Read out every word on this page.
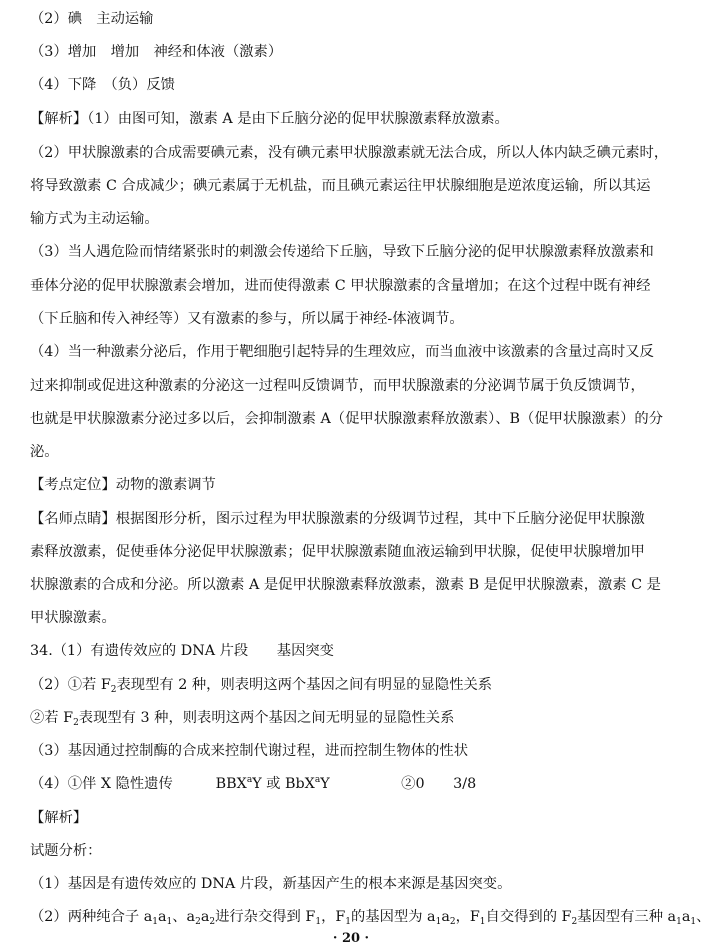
（2）碘　主动运输
（3）增加　增加　神经和体液（激素）
（4）下降　（负）反馈
【解析】（1）由图可知，激素 A 是由下丘脑分泌的促甲状腺激素释放激素。
（2）甲状腺激素的合成需要碘元素，没有碘元素甲状腺激素就无法合成，所以人体内缺乏碘元素时，
将导致激素 C 合成减少；碘元素属于无机盐，而且碘元素运往甲状腺细胞是逆浓度运输，所以其运
输方式为主动运输。
（3）当人遇危险而情绪紧张时的刺激会传递给下丘脑，导致下丘脑分泌的促甲状腺激素释放激素和
垂体分泌的促甲状腺激素会增加，进而使得激素 C 甲状腺激素的含量增加；在这个过程中既有神经
（下丘脑和传入神经等）又有激素的参与，所以属于神经-体液调节。
（4）当一种激素分泌后，作用于靶细胞引起特异的生理效应，而当血液中该激素的含量过高时又反
过来抑制或促进这种激素的分泌这一过程叫反馈调节，而甲状腺激素的分泌调节属于负反馈调节，
也就是甲状腺激素分泌过多以后，会抑制激素 A（促甲状腺激素释放激素）、B（促甲状腺激素）的分
泌。
【考点定位】动物的激素调节
【名师点睛】根据图形分析，图示过程为甲状腺激素的分级调节过程，其中下丘脑分泌促甲状腺激
素释放激素，促使垂体分泌促甲状腺激素；促甲状腺激素随血液运输到甲状腺，促使甲状腺增加甲
状腺激素的合成和分泌。所以激素 A 是促甲状腺激素释放激素，激素 B 是促甲状腺激素，激素 C 是
甲状腺激素。
34.（1）有遗传效应的 DNA 片段　　基因突变
（2）①若 $F_2$表现型有 2 种，则表明这两个基因之间有明显的显隐性关系
②若 $F_2$表现型有 3 种，则表明这两个基因之间无明显的显隐性关系
（3）基因通过控制酶的合成来控制代谢过程，进而控制生物体的性状
（4）①伴 X 隐性遗传　　　BBX$^a$Y 或 BbX$^a$Y　　　　　②0　　3/8
【解析】
试题分析：
（1）基因是有遗传效应的 DNA 片段，新基因产生的根本来源是基因突变。
（2）两种纯合子 $a_1a_1$、$a_2a_2$进行杂交得到 $F_1$，$F_1$的基因型为 $a_1a_2$，$F_1$自交得到的 $F_2$基因型有三种 $a_1a_1$、
· 20 ·
